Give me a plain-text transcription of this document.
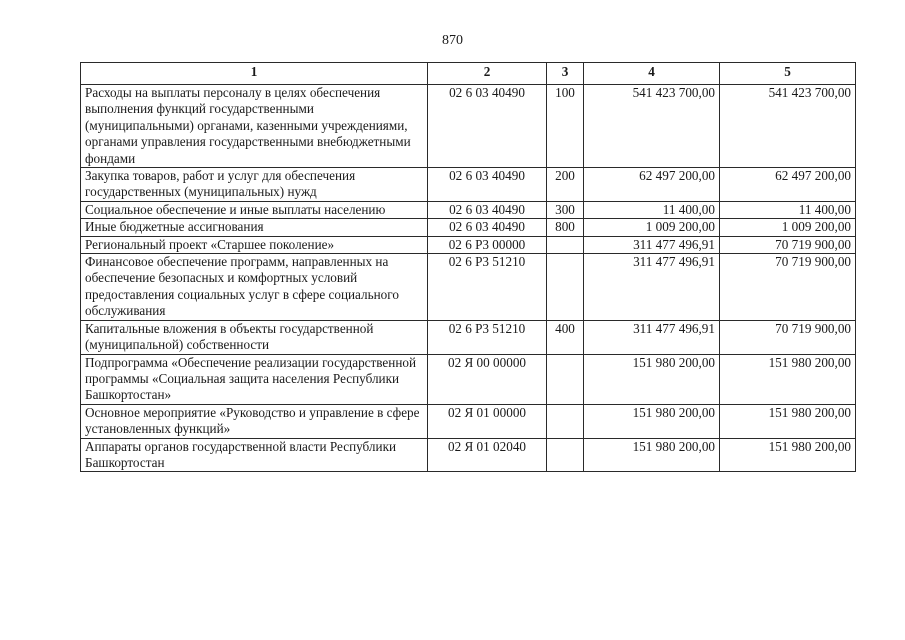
870
1	2	3	4	5
Расходы на выплаты персоналу в целях обеспечения выполнения функций государственными (муниципальными) органами, казенными учреждениями, органами управления государственными внебюджетными фондами	02 6 03 40490	100	541 423 700,00	541 423 700,00
Закупка товаров, работ и услуг для обеспечения государственных (муниципальных) нужд	02 6 03 40490	200	62 497 200,00	62 497 200,00
Социальное обеспечение и иные выплаты населению	02 6 03 40490	300	11 400,00	11 400,00
Иные бюджетные ассигнования	02 6 03 40490	800	1 009 200,00	1 009 200,00
Региональный проект «Старшее поколение»	02 6 P3 00000		311 477 496,91	70 719 900,00
Финансовое обеспечение программ, направленных на обеспечение безопасных и комфортных условий предоставления социальных услуг в сфере социального обслуживания	02 6 P3 51210		311 477 496,91	70 719 900,00
Капитальные вложения в объекты государственной (муниципальной) собственности	02 6 P3 51210	400	311 477 496,91	70 719 900,00
Подпрограмма «Обеспечение реализации государственной программы «Социальная защита населения Республики Башкортостан»	02 Я 00 00000		151 980 200,00	151 980 200,00
Основное мероприятие «Руководство и управление в сфере установленных функций»	02 Я 01 00000		151 980 200,00	151 980 200,00
Аппараты органов государственной власти Республики Башкортостан	02 Я 01 02040		151 980 200,00	151 980 200,00
